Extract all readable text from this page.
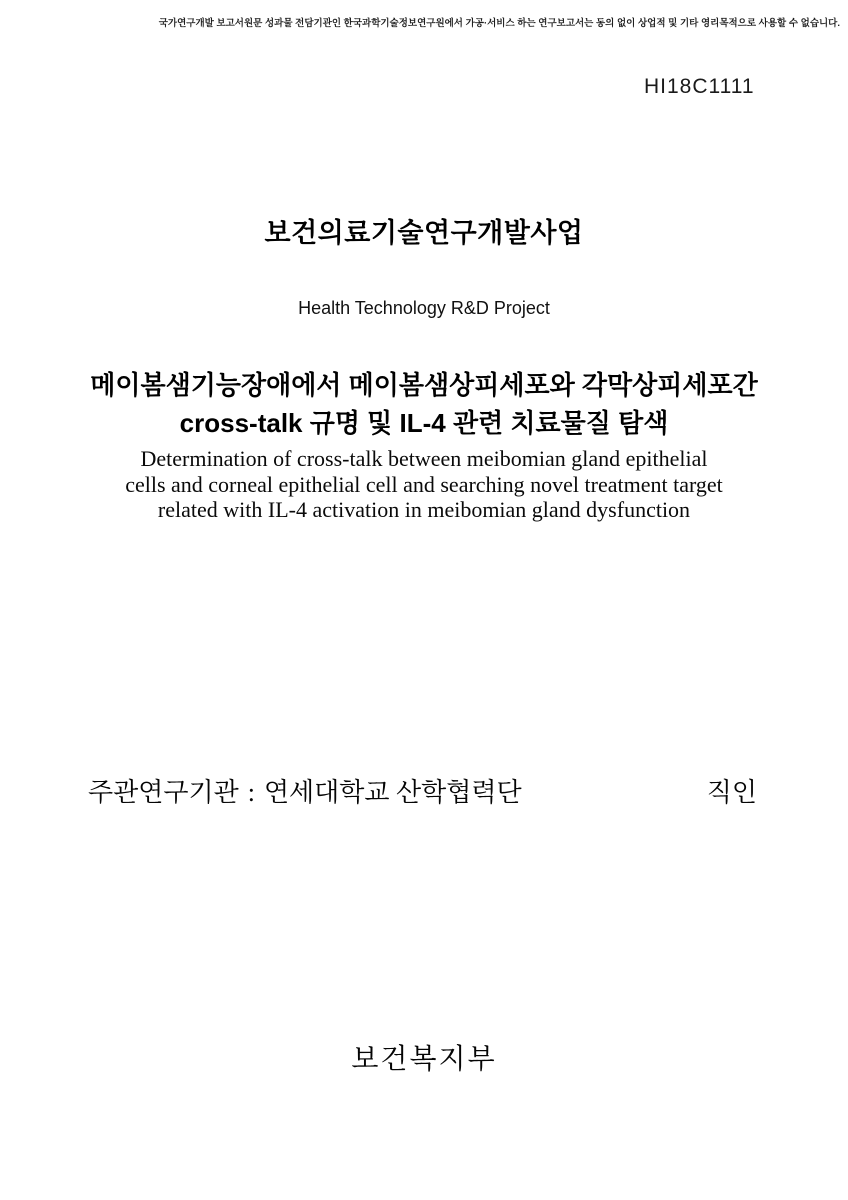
국가연구개발 보고서원문 성과물 전담기관인 한국과학기술정보연구원에서 가공·서비스 하는 연구보고서는 동의 없이 상업적 및 기타 영리목적으로 사용할 수 없습니다.
HI18C1111
보건의료기술연구개발사업
Health Technology R&D Project
메이봄샘기능장애에서 메이봄샘상피세포와 각막상피세포간
cross-talk 규명 및 IL-4 관련 치료물질 탐색
Determination of cross-talk between meibomian gland epithelial
cells and corneal epithelial cell and searching novel treatment target
related with IL-4 activation in meibomian gland dysfunction
주관연구기관 : 연세대학교 산학협력단	직인
보건복지부
